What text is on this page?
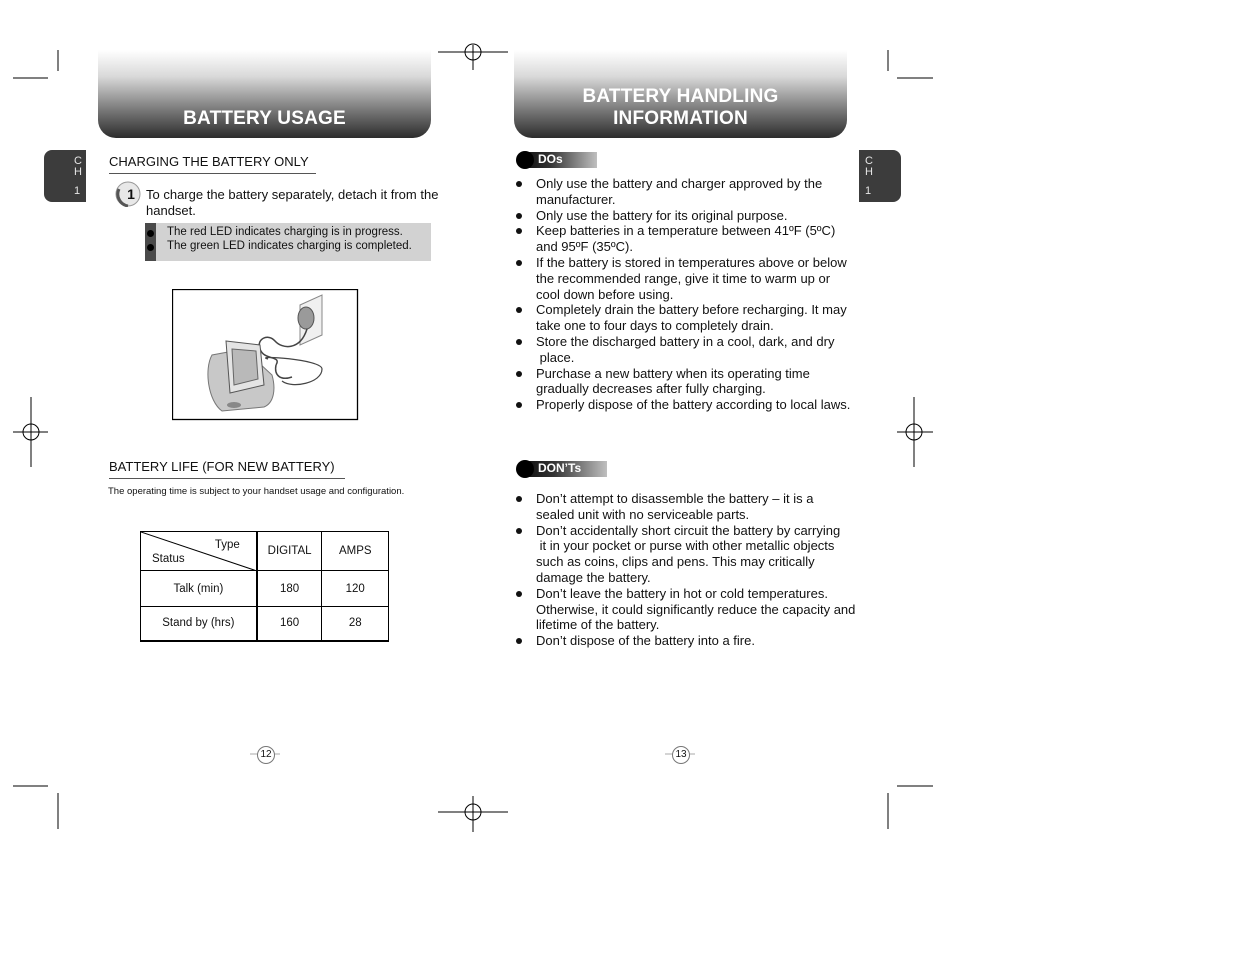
BATTERY USAGE
C
H
1
CHARGING THE BATTERY ONLY
1 To charge the battery separately, detach it from the
handset.
The red LED indicates charging is in progress.
The green LED indicates charging is completed.
BATTERY LIFE (FOR NEW BATTERY)
The operating time is subject to your handset usage and configuration.
Type
Status	DIGITAL	AMPS
Talk (min)	180	120
Stand by (hrs)	160	28
12
BATTERY HANDLING INFORMATION
C
H
1
DOs
Only use the battery and charger approved by the
manufacturer.
Only use the battery for its original purpose.
Keep batteries in a temperature between 41ºF (5ºC)
and 95ºF (35ºC).
If the battery is stored in temperatures above or below
the recommended range, give it time to warm up or
cool down before using.
Completely drain the battery before recharging. It may
take one to four days to completely drain.
Store the discharged battery in a cool, dark, and dry
place.
Purchase a new battery when its operating time
gradually decreases after fully charging.
Properly dispose of the battery according to local laws.
DON’Ts
Don’t attempt to disassemble the battery – it is a
sealed unit with no serviceable parts.
Don’t accidentally short circuit the battery by carrying
it in your pocket or purse with other metallic objects
such as coins, clips and pens. This may critically
damage the battery.
Don’t leave the battery in hot or cold temperatures.
Otherwise, it could significantly reduce the capacity and
lifetime of the battery.
Don’t dispose of the battery into a fire.
13
